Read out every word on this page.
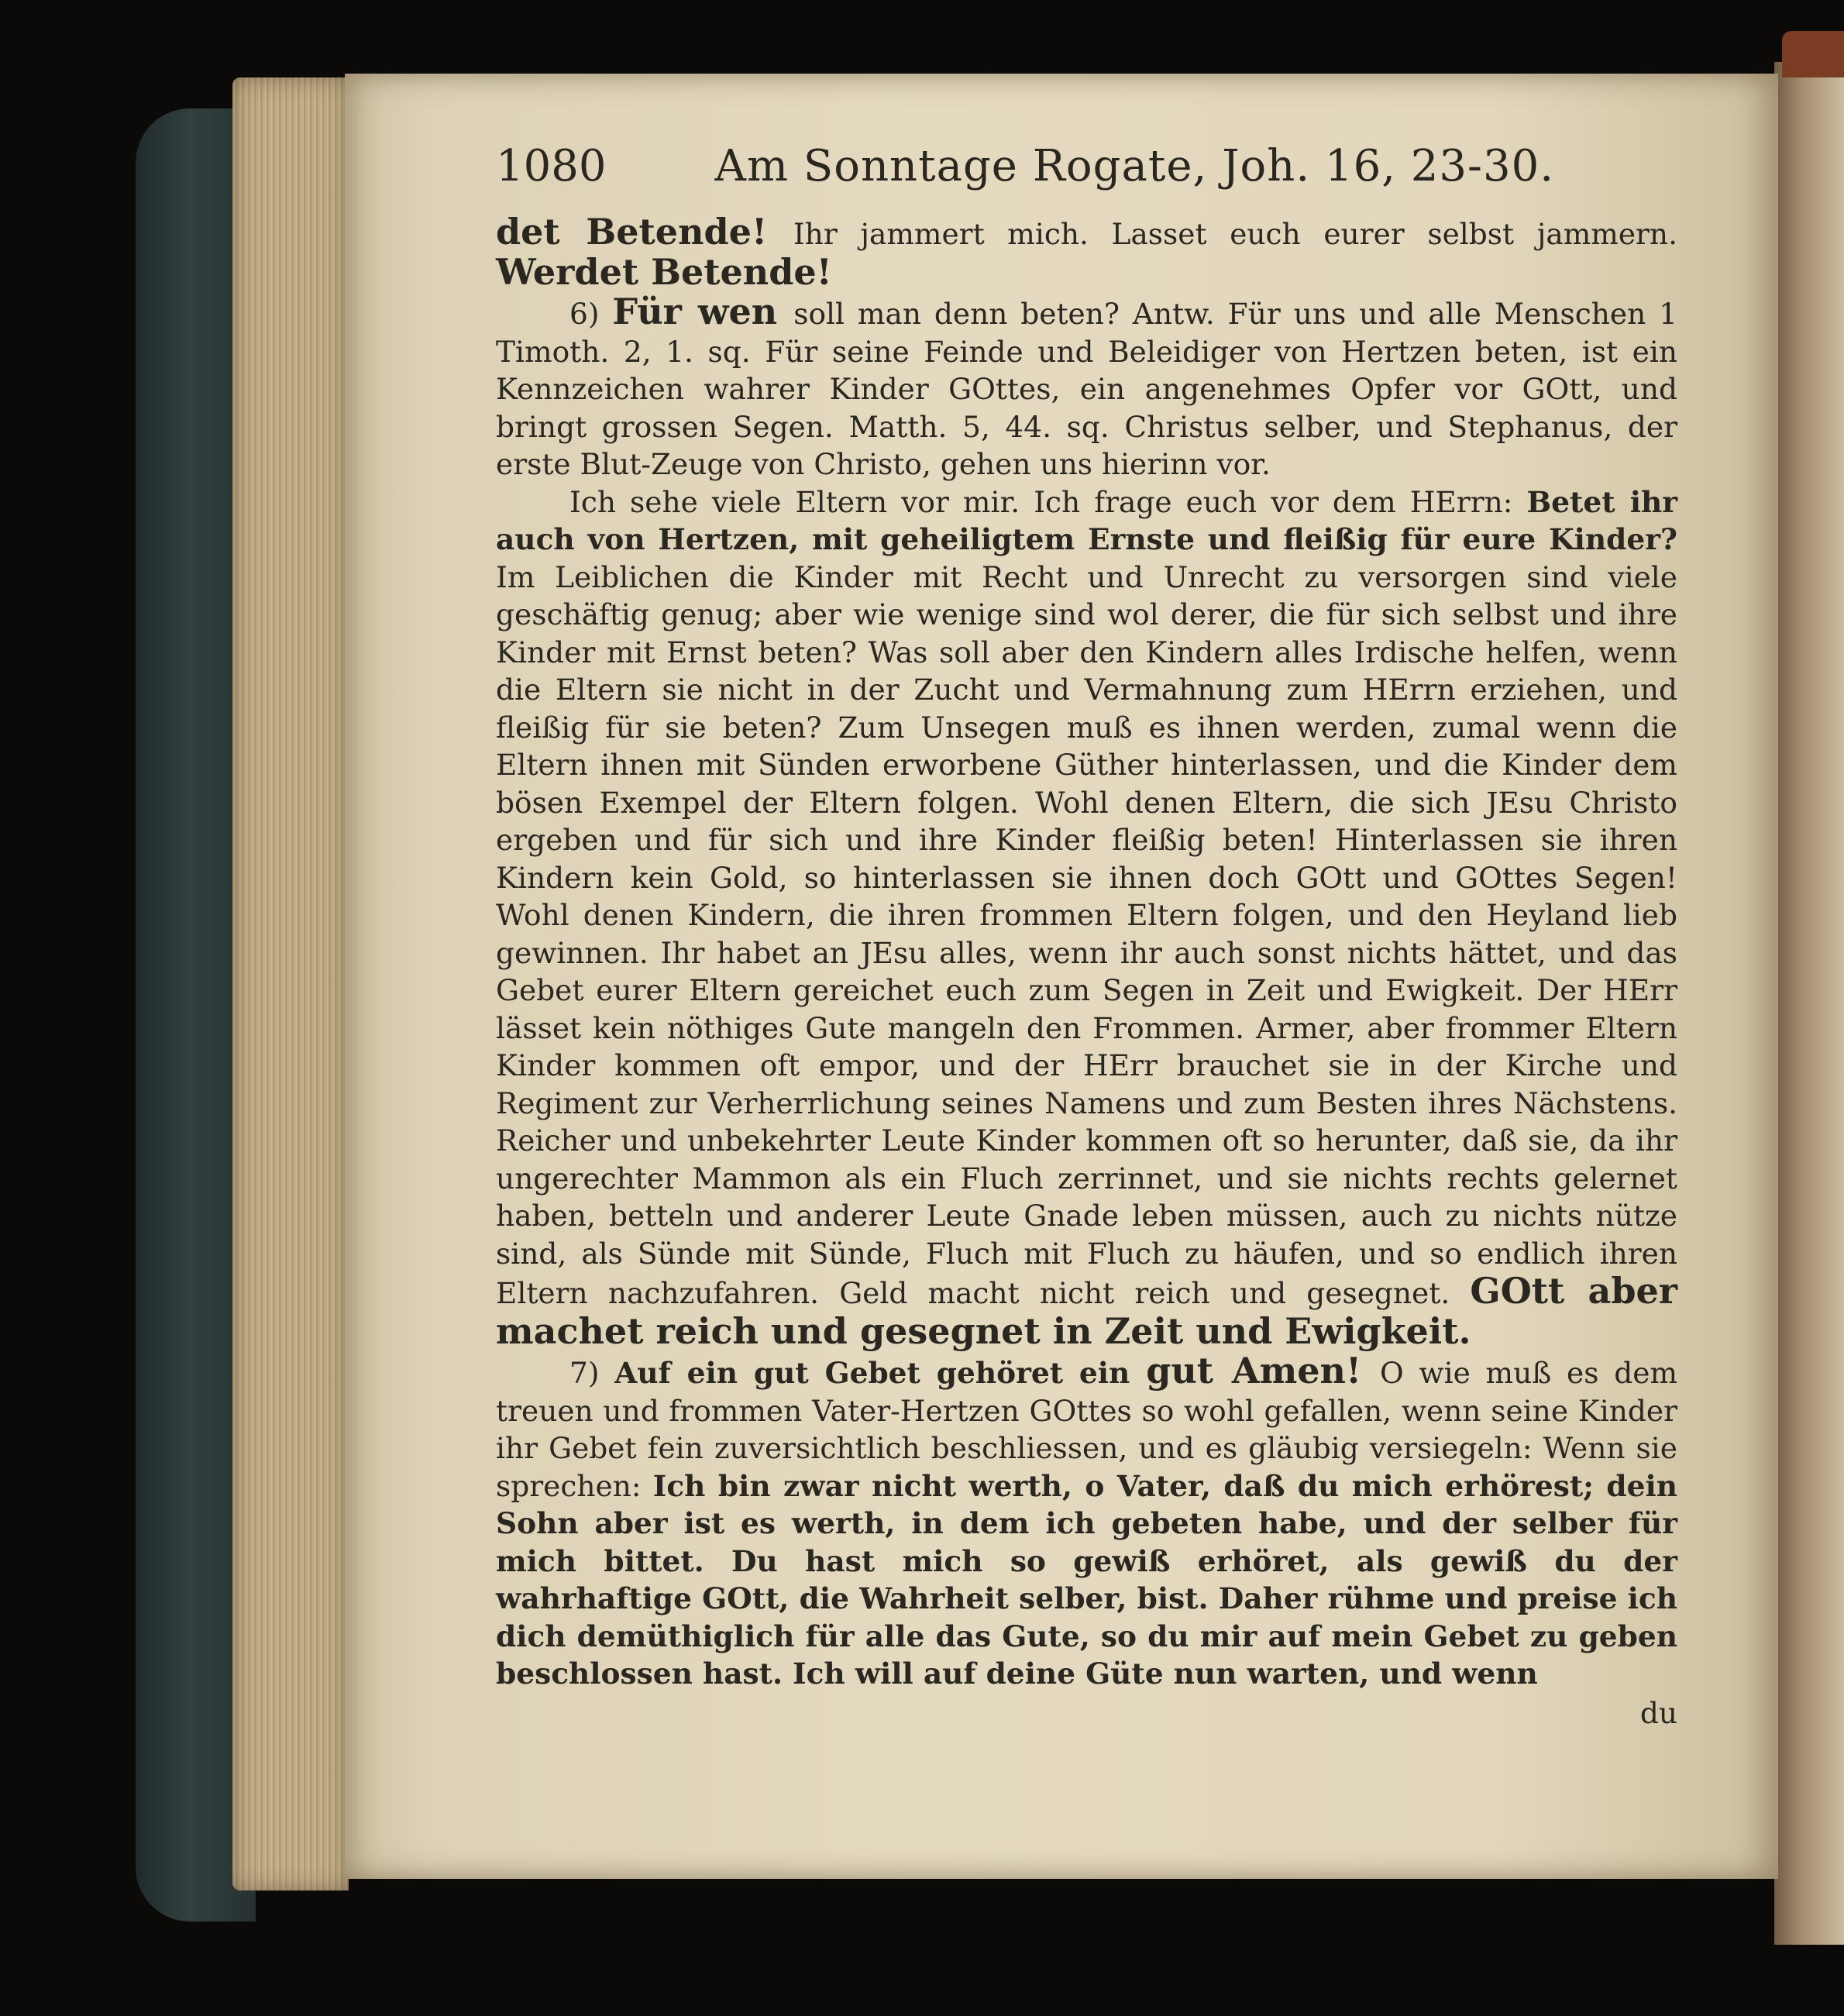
1080	Am Sonntage Rogate, Joh. 16, 23-30.

det Betende! Ihr jammert mich. Lasset euch eurer selbst jammern. Werdet Betende!

6) Für wen soll man denn beten? Antw. Für uns und alle Menschen 1 Timoth. 2, 1. sq. Für seine Feinde und Beleidiger von Hertzen beten, ist ein Kennzeichen wahrer Kinder GOttes, ein angenehmes Opfer vor GOtt, und bringt grossen Segen. Matth. 5, 44. sq. Christus selber, und Stephanus, der erste Blut-Zeuge von Christo, gehen uns hierinn vor.

Ich sehe viele Eltern vor mir. Ich frage euch vor dem HErrn: Betet ihr auch von Hertzen, mit geheiligtem Ernste und fleißig für eure Kinder? Im Leiblichen die Kinder mit Recht und Unrecht zu versorgen sind viele geschäftig genug; aber wie wenige sind wol derer, die für sich selbst und ihre Kinder mit Ernst beten? Was soll aber den Kindern alles Irdische helfen, wenn die Eltern sie nicht in der Zucht und Vermahnung zum HErrn erziehen, und fleißig für sie beten? Zum Unsegen muß es ihnen werden, zumal wenn die Eltern ihnen mit Sünden erworbene Güther hinterlassen, und die Kinder dem bösen Exempel der Eltern folgen. Wohl denen Eltern, die sich JEsu Christo ergeben und für sich und ihre Kinder fleißig beten! Hinterlassen sie ihren Kindern kein Gold, so hinterlassen sie ihnen doch GOtt und GOttes Segen! Wohl denen Kindern, die ihren frommen Eltern folgen, und den Heyland lieb gewinnen. Ihr habet an JEsu alles, wenn ihr auch sonst nichts hättet, und das Gebet eurer Eltern gereichet euch zum Segen in Zeit und Ewigkeit. Der HErr lässet kein nöthiges Gute mangeln den Frommen. Armer, aber frommer Eltern Kinder kommen oft empor, und der HErr brauchet sie in der Kirche und Regiment zur Verherrlichung seines Namens und zum Besten ihres Nächstens. Reicher und unbekehrter Leute Kinder kommen oft so herunter, daß sie, da ihr ungerechter Mammon als ein Fluch zerrinnet, und sie nichts rechts gelernet haben, betteln und anderer Leute Gnade leben müssen, auch zu nichts nütze sind, als Sünde mit Sünde, Fluch mit Fluch zu häufen, und so endlich ihren Eltern nachzufahren. Geld macht nicht reich und gesegnet. GOtt aber machet reich und gesegnet in Zeit und Ewigkeit.

7) Auf ein gut Gebet gehöret ein gut Amen! O wie muß es dem treuen und frommen Vater-Hertzen GOttes so wohl gefallen, wenn seine Kinder ihr Gebet fein zuversichtlich beschliessen, und es gläubig versiegeln: Wenn sie sprechen: Ich bin zwar nicht werth, o Vater, daß du mich erhörest; dein Sohn aber ist es werth, in dem ich gebeten habe, und der selber für mich bittet. Du hast mich so gewiß erhöret, als gewiß du der wahrhaftige GOtt, die Wahrheit selber, bist. Daher rühme und preise ich dich demüthiglich für alle das Gute, so du mir auf mein Gebet zu geben beschlossen hast. Ich will auf deine Güte nun warten, und wenn

du
